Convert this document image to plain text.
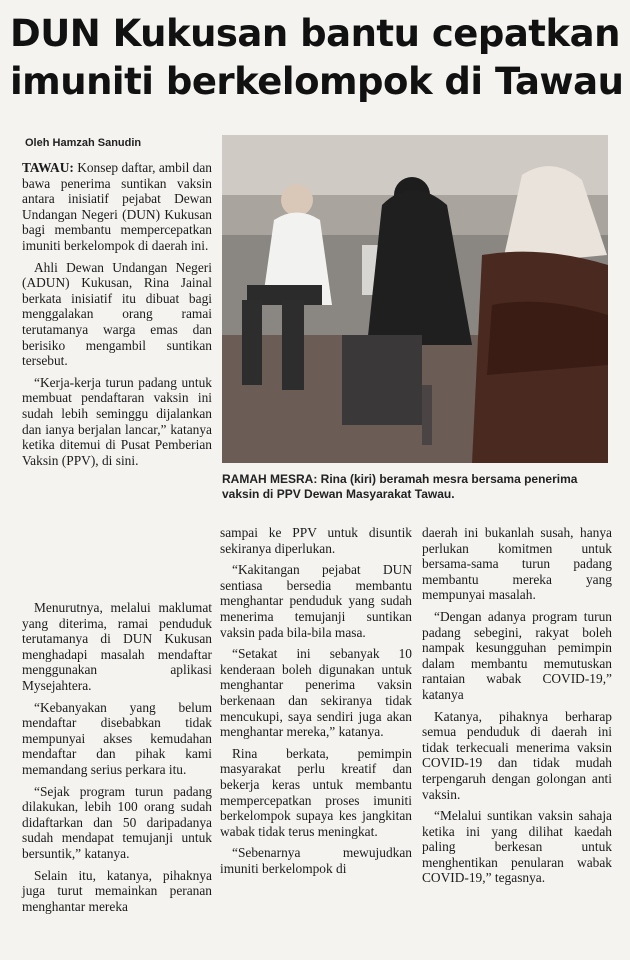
DUN Kukusan bantu cepatkan
imuniti berkelompok di Tawau
Oleh Hamzah Sanudin

TAWAU: Konsep daftar, ambil dan bawa penerima suntikan vaksin antara inisiatif pejabat Dewan Undangan Negeri (DUN) Kukusan bagi membantu mempercepatkan imuniti berkelompok di daerah ini.

Ahli Dewan Undangan Negeri (ADUN) Kukusan, Rina Jainal berkata inisiatif itu dibuat bagi menggalakan orang ramai terutamanya warga emas dan berisiko mengambil suntikan tersebut.

“Kerja-kerja turun padang untuk membuat pendaftaran vaksin ini sudah lebih seminggu dijalankan dan ianya berjalan lancar,” katanya ketika ditemui di Pusat Pemberian Vaksin (PPV), di sini.

Menurutnya, melalui maklumat yang diterima, ramai penduduk terutamanya di DUN Kukusan menghadapi masalah mendaftar menggunakan aplikasi Mysejahtera.

“Kebanyakan yang belum mendaftar disebabkan tidak mempunyai akses kemudahan mendaftar dan pihak kami memandang serius perkara itu.

“Sejak program turun padang dilakukan, lebih 100 orang sudah didaftarkan dan 50 daripadanya sudah mendapat temujanji untuk bersuntik,” katanya.

Selain itu, katanya, pihaknya juga turut memainkan peranan menghantar mereka

RAMAH MESRA: Rina (kiri) beramah mesra bersama penerima vaksin di PPV Dewan Masyarakat Tawau.

sampai ke PPV untuk disuntik sekiranya diperlukan.

“Kakitangan pejabat DUN sentiasa bersedia membantu menghantar penduduk yang sudah menerima temujanji suntikan vaksin pada bila-bila masa.

“Setakat ini sebanyak 10 kenderaan boleh digunakan untuk menghantar penerima vaksin berkenaan dan sekiranya tidak mencukupi, saya sendiri juga akan menghantar mereka,” katanya.

Rina berkata, pemimpin masyarakat perlu kreatif dan bekerja keras untuk membantu mempercepatkan proses imuniti berkelompok supaya kes jangkitan wabak tidak terus meningkat.

“Sebenarnya mewujudkan imuniti berkelompok di

daerah ini bukanlah susah, hanya perlukan komitmen untuk bersama-sama turun padang membantu mereka yang mempunyai masalah.

“Dengan adanya program turun padang sebegini, rakyat boleh nampak kesungguhan pemimpin dalam membantu memutuskan rantaian wabak COVID-19,” katanya

Katanya, pihaknya berharap semua penduduk di daerah ini tidak terkecuali menerima vaksin COVID-19 dan tidak mudah terpengaruh dengan golongan anti vaksin.

“Melalui suntikan vaksin sahaja ketika ini yang dilihat kaedah paling berkesan untuk menghentikan penularan wabak COVID-19,” tegasnya.
